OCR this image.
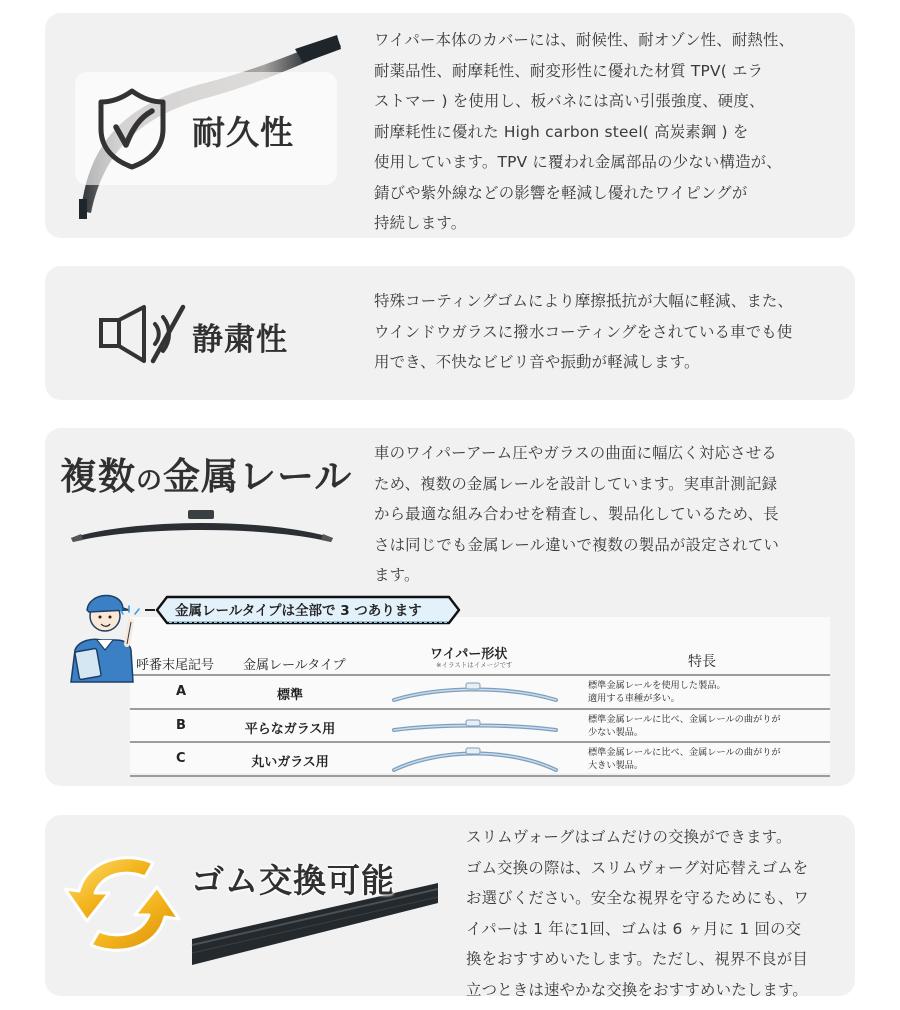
耐久性
ワイパー本体のカバーには、耐候性、耐オゾン性、耐熱性、
耐薬品性、耐摩耗性、耐変形性に優れた材質 TPV( エラ
ストマー ) を使用し、板バネには高い引張強度、硬度、
耐摩耗性に優れた High carbon steel( 高炭素鋼 ) を
使用しています。TPV に覆われ金属部品の少ない構造が、
錆びや紫外線などの影響を軽減し優れたワイピングが
持続します。
静粛性
特殊コーティングゴムにより摩擦抵抗が大幅に軽減、また、
ウインドウガラスに撥水コーティングをされている車でも使
用でき、不快なビビリ音や振動が軽減します。
複数の金属レール
車のワイパーアーム圧やガラスの曲面に幅広く対応させる
ため、複数の金属レールを設計しています。実車計測記録
から最適な組み合わせを精査し、製品化しているため、長
さは同じでも金属レール違いで複数の製品が設定されてい
ます。
呼番末尾記号 金属レールタイプ
ワイパー形状
※イラストはイメージです	特長
A	標準
標準金属レールを使用した製品。
適用する車種が多い。
B	平らなガラス用
標準金属レールに比べ、金属レールの曲がりが
少ない製品。
C	丸いガラス用
標準金属レールに比べ、金属レールの曲がりが
大きい製品。
金属レールタイプは全部で 3 つあります
ゴム交換可能
スリムヴォーグはゴムだけの交換ができます。
ゴム交換の際は、スリムヴォーグ対応替えゴムを
お選びください。安全な視界を守るためにも、ワ
イパーは 1 年に1回、ゴムは 6 ヶ月に 1 回の交
換をおすすめいたします。ただし、視界不良が目
立つときは速やかな交換をおすすめいたします。
